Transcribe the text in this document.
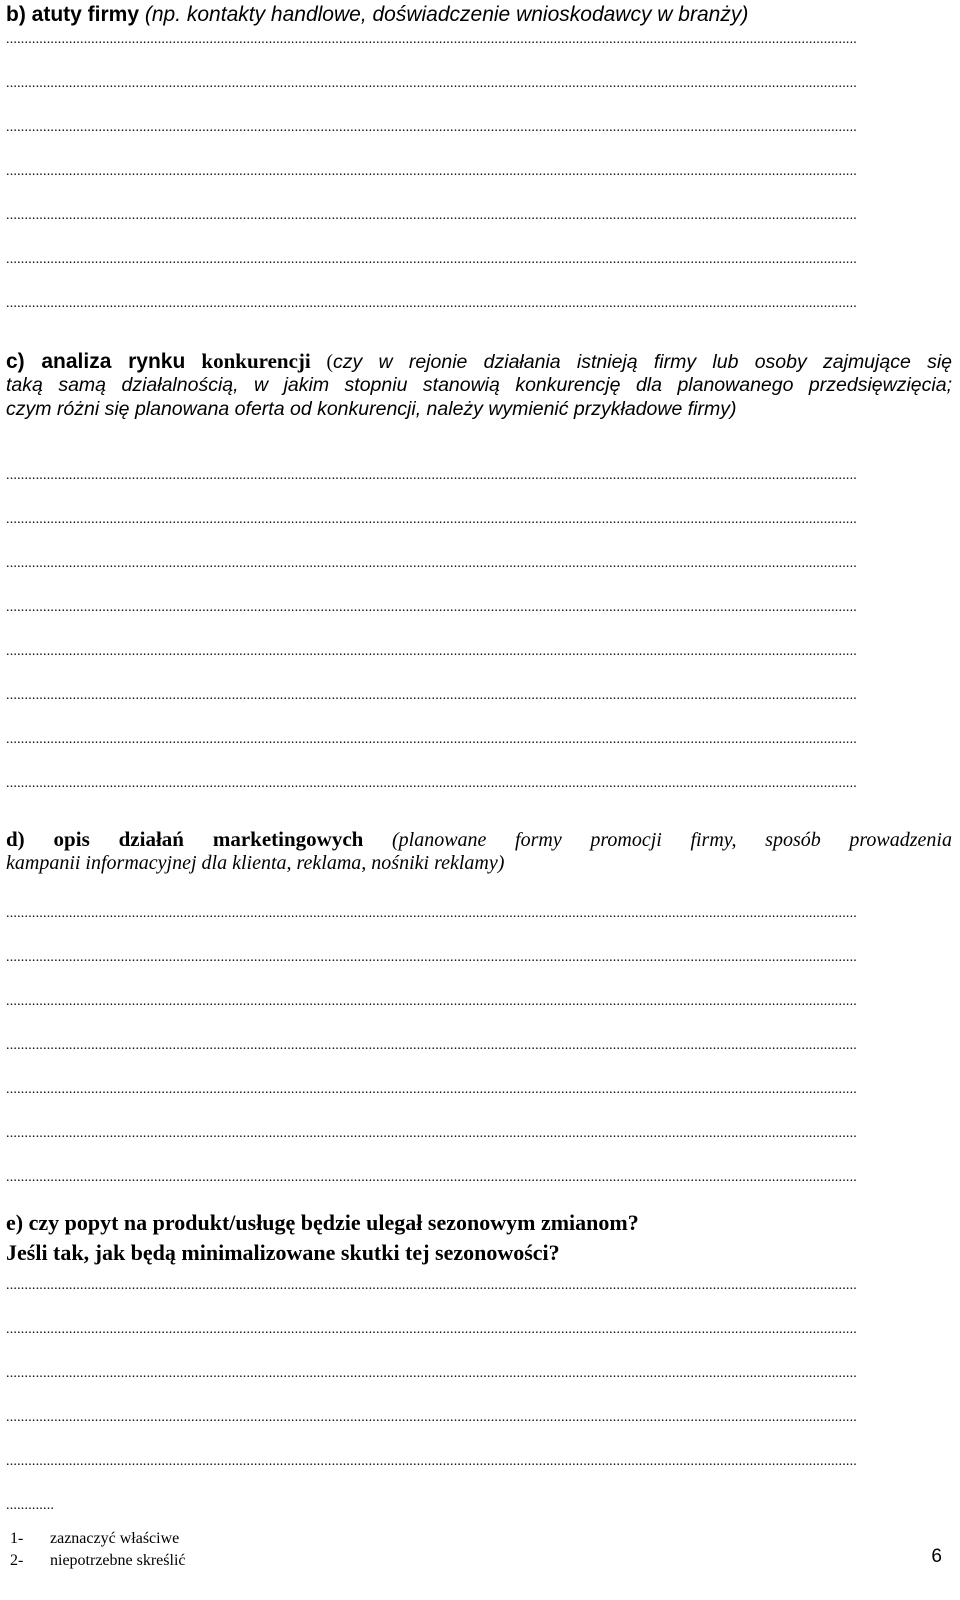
b) atuty firmy (np. kontakty handlowe, doświadczenie wnioskodawcy w branży)
......................................................................................................................................................................................................................................
......................................................................................................................................................................................................................................
......................................................................................................................................................................................................................................
......................................................................................................................................................................................................................................
......................................................................................................................................................................................................................................
......................................................................................................................................................................................................................................
......................................................................................................................................................................................................................................
c) analiza rynku konkurencji (czy w rejonie działania istnieją firmy lub osoby zajmujące się
taką samą działalnością, w jakim stopniu stanowią konkurencję dla planowanego przedsięwzięcia;
czym różni się planowana oferta od konkurencji, należy wymienić przykładowe firmy)
......................................................................................................................................................................................................................................
......................................................................................................................................................................................................................................
......................................................................................................................................................................................................................................
......................................................................................................................................................................................................................................
......................................................................................................................................................................................................................................
......................................................................................................................................................................................................................................
......................................................................................................................................................................................................................................
......................................................................................................................................................................................................................................
d) opis działań marketingowych (planowane formy promocji firmy, sposób prowadzenia
kampanii informacyjnej dla klienta, reklama, nośniki reklamy)
......................................................................................................................................................................................................................................
......................................................................................................................................................................................................................................
......................................................................................................................................................................................................................................
......................................................................................................................................................................................................................................
......................................................................................................................................................................................................................................
......................................................................................................................................................................................................................................
......................................................................................................................................................................................................................................
e) czy popyt na produkt/usługę będzie ulegał sezonowym zmianom?
Jeśli tak, jak będą minimalizowane skutki tej sezonowości?
......................................................................................................................................................................................................................................
......................................................................................................................................................................................................................................
......................................................................................................................................................................................................................................
......................................................................................................................................................................................................................................
......................................................................................................................................................................................................................................
.............
1- zaznaczyć właściwe
2- niepotrzebne skreślić	6
